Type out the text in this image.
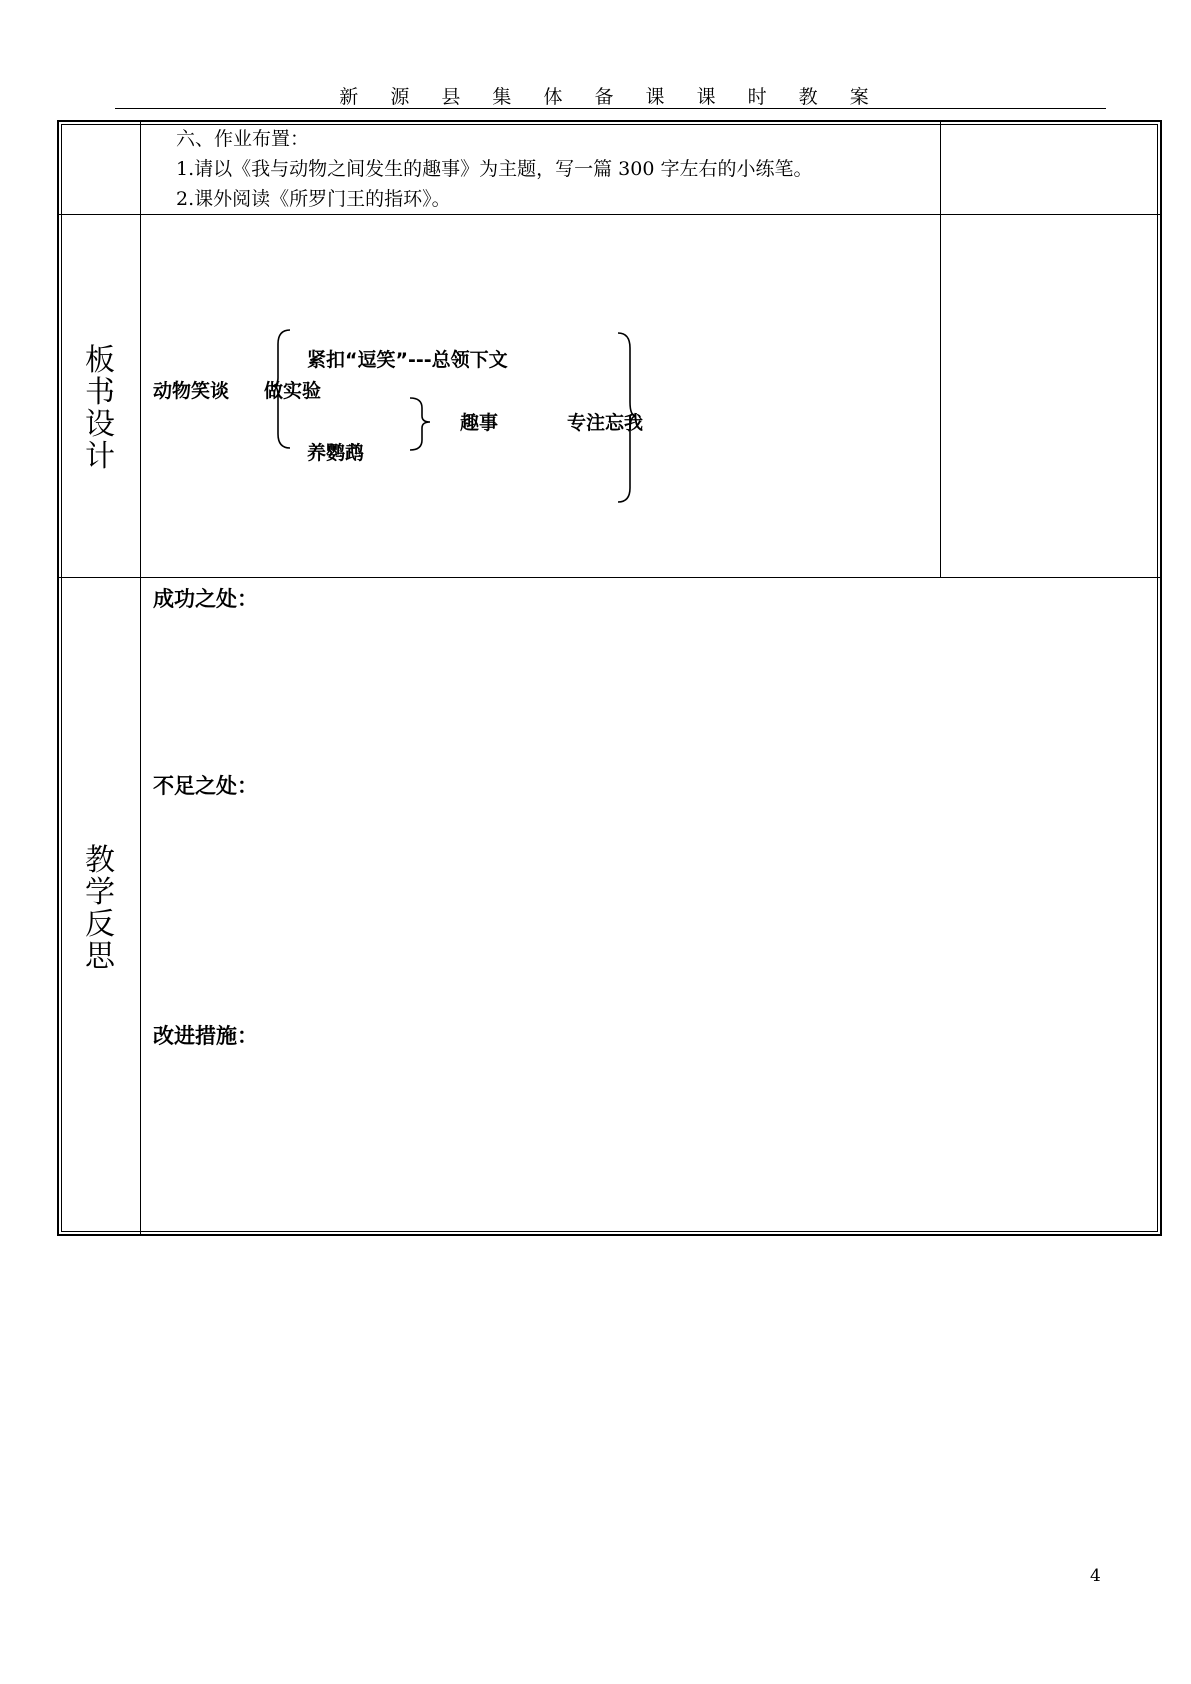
新 源 县 集 体 备 课 课 时 教 案
六、作业布置：
1.请以《我与动物之间发生的趣事》为主题，写一篇 300 字左右的小练笔。
2.课外阅读《所罗门王的指环》。
板
书
设
计
动物笑谈
紧扣“逗笑”---总领下文
做实验
养鹦鹉
趣事	专注忘我
教
学
反
思
成功之处：
不足之处：
改进措施：
4
